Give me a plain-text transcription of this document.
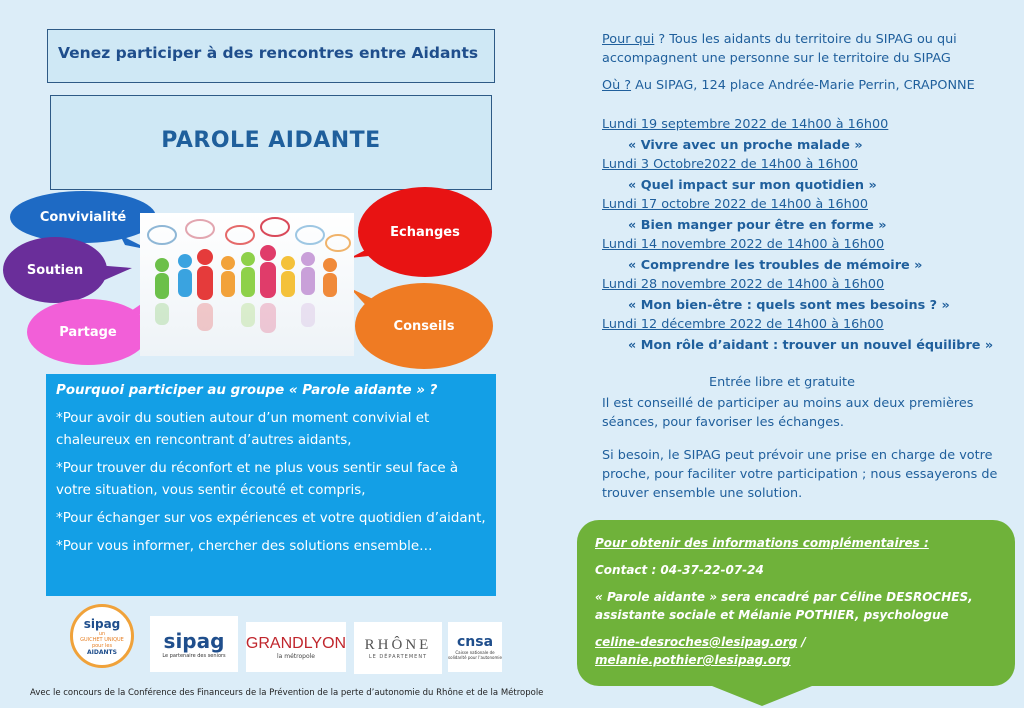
Venez participer à des rencontres entre Aidants
PAROLE AIDANTE
Convivialité
Soutien
Partage
Echanges
Conseils
Pourquoi participer au groupe « Parole aidante » ?

*Pour avoir du soutien autour d’un moment convivial et chaleureux en rencontrant d’autres aidants,

*Pour trouver du réconfort et ne plus vous sentir seul face à votre situation, vous sentir écouté et compris,

*Pour échanger sur vos expériences et votre quotidien d’aidant,

*Pour vous informer, chercher des solutions ensemble…

sipag
un
GUICHET UNIQUE
pour les
AIDANTS sipag
Le partenaire des seniors
GRANDLYON
la métropole
RHÔNE
LE DÉPARTEMENT
cnsa
Caisse nationale de solidarité pour l'autonomie
Avec le concours de la Conférence des Financeurs de la Prévention de la perte d’autonomie du Rhône et de la Métropole
Pour qui ? Tous les aidants du territoire du SIPAG ou qui accompagnent une personne sur le territoire du SIPAG
Où ? Au SIPAG, 124 place Andrée-Marie Perrin, CRAPONNE
Lundi 19 septembre 2022 de 14h00 à 16h00
« Vivre avec un proche malade »
Lundi 3 Octobre2022 de 14h00 à 16h00
« Quel impact sur mon quotidien »
Lundi 17 octobre 2022 de 14h00 à 16h00
« Bien manger pour être en forme »
Lundi 14 novembre 2022 de 14h00 à 16h00
« Comprendre les troubles de mémoire »
Lundi 28 novembre 2022 de 14h00 à 16h00
« Mon bien-être : quels sont mes besoins ? »
Lundi 12 décembre 2022 de 14h00 à 16h00
« Mon rôle d’aidant : trouver un nouvel équilibre »
Entrée libre et gratuite
Il est conseillé de participer au moins aux deux premières séances, pour favoriser les échanges.
Si besoin, le SIPAG peut prévoir une prise en charge de votre proche, pour faciliter votre participation ; nous essayerons de trouver ensemble une solution.

Pour obtenir des informations complémentaires :

Contact : 04-37-22-07-24

« Parole aidante » sera encadré par Céline DESROCHES, assistante sociale et Mélanie POTHIER, psychologue

celine-desroches@lesipag.org / melanie.pothier@lesipag.org
